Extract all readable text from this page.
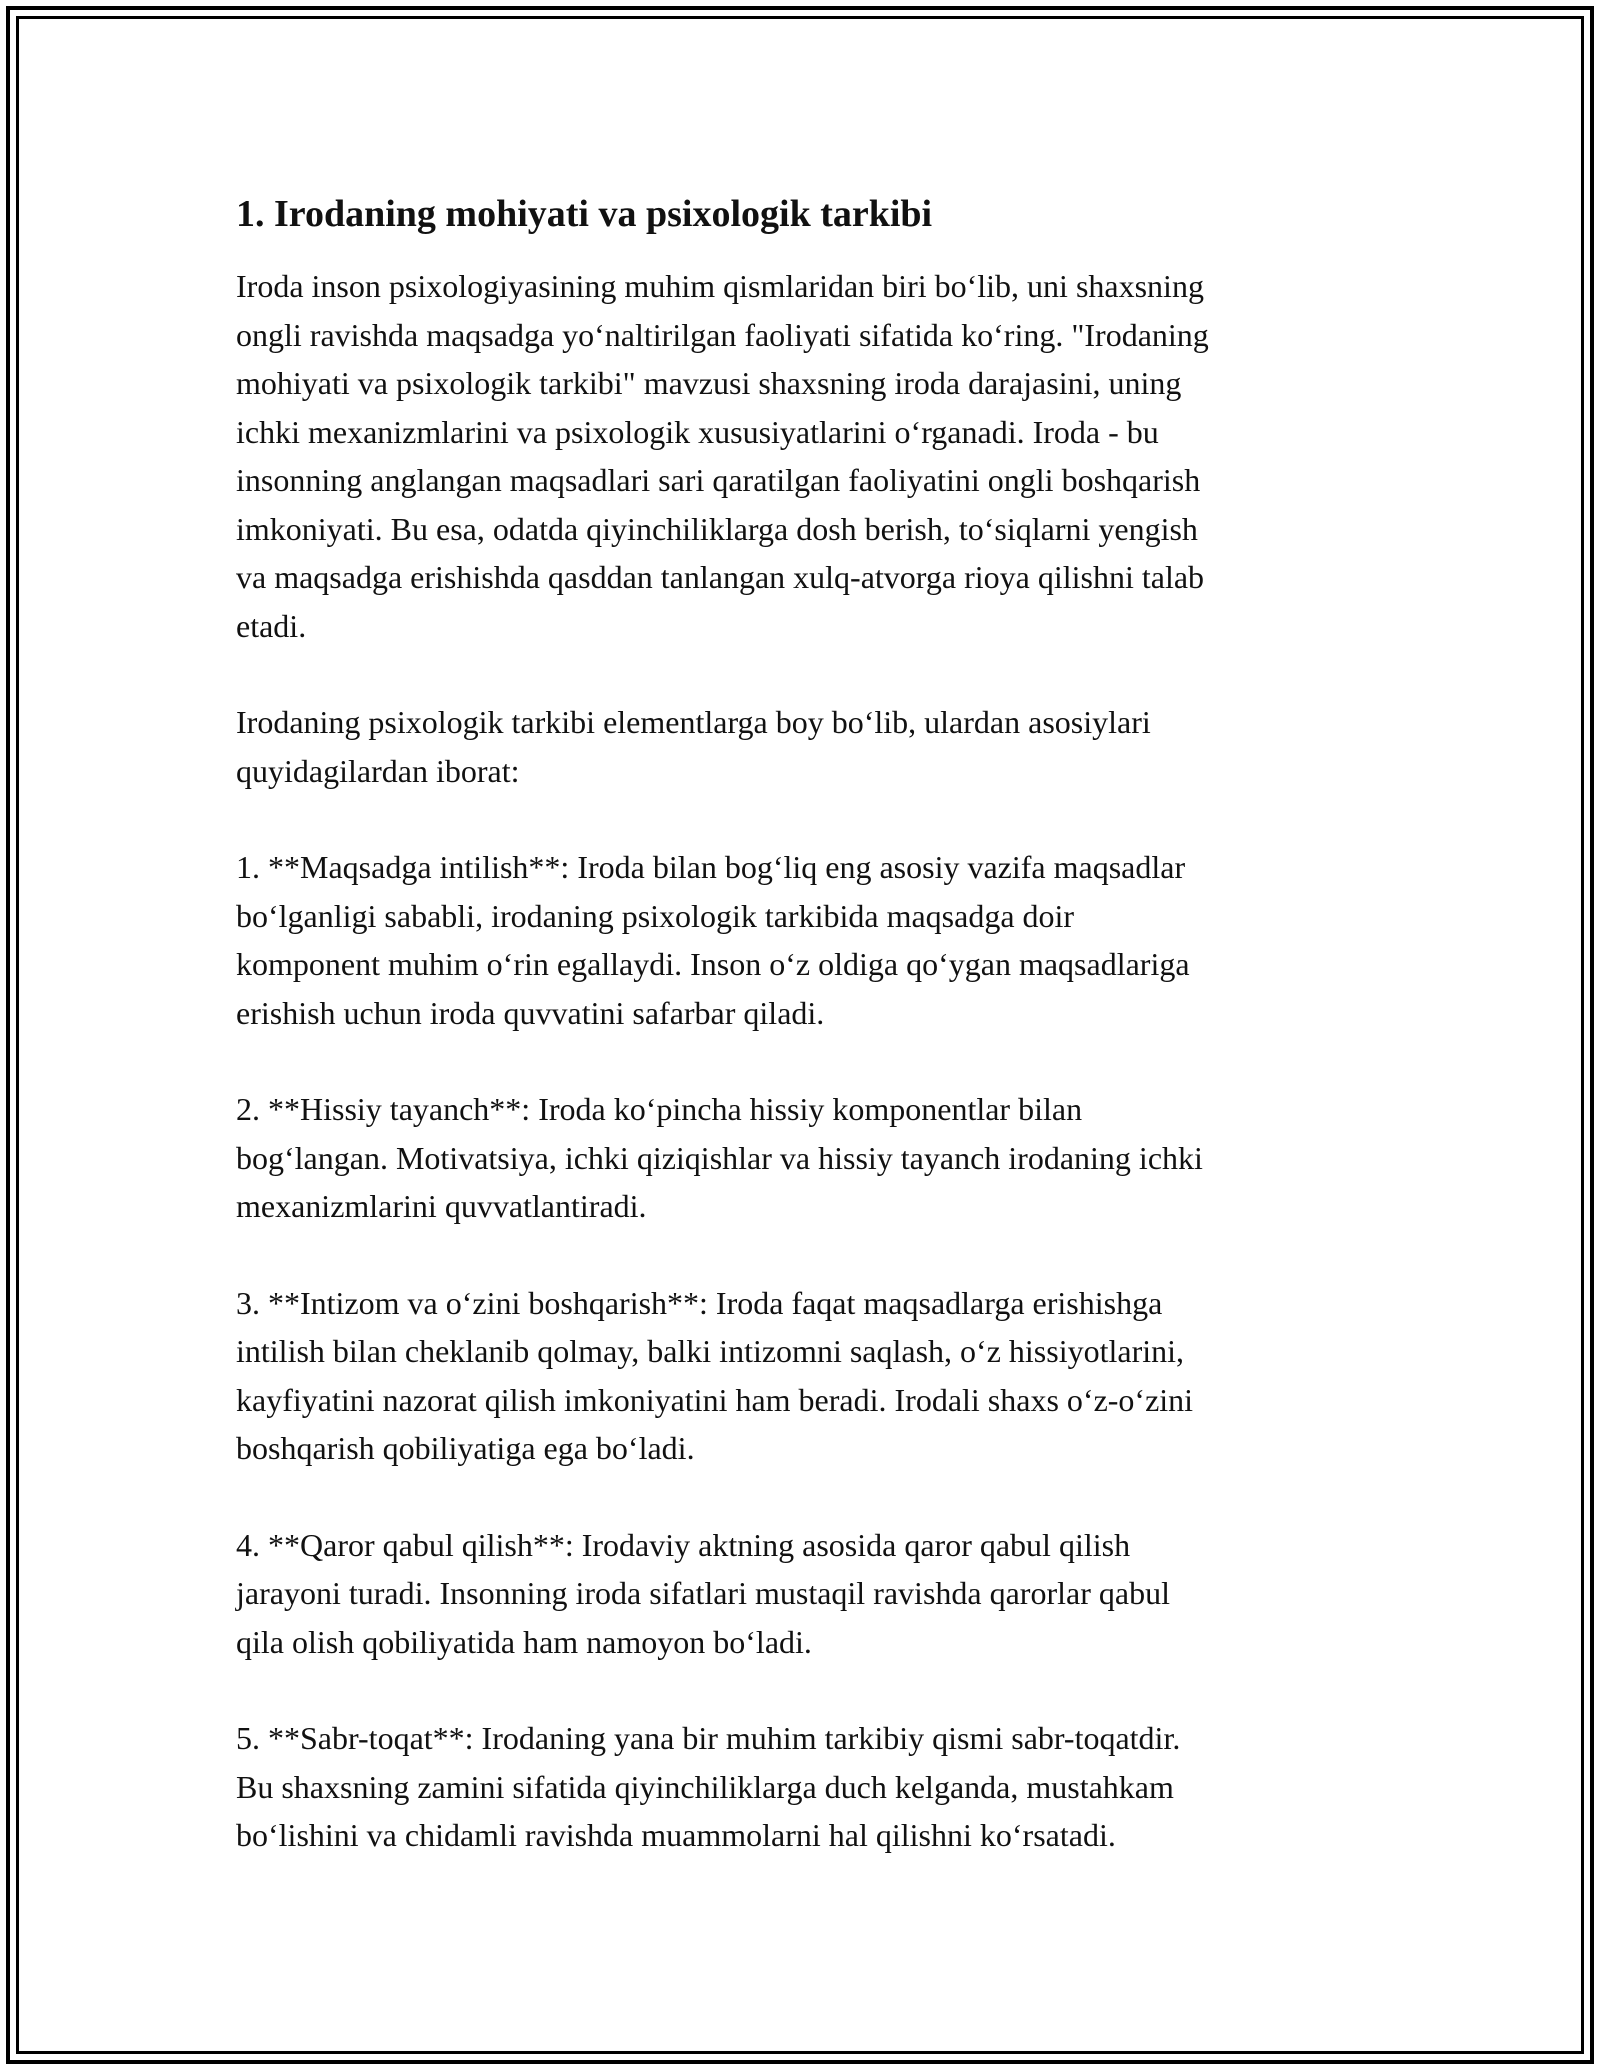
1. Irodaning mohiyati va psixologik tarkibi

Iroda inson psixologiyasining muhim qismlaridan biri bo‘lib, uni shaxsning
ongli ravishda maqsadga yo‘naltirilgan faoliyati sifatida ko‘ring. "Irodaning
mohiyati va psixologik tarkibi" mavzusi shaxsning iroda darajasini, uning
ichki mexanizmlarini va psixologik xususiyatlarini o‘rganadi. Iroda - bu
insonning anglangan maqsadlari sari qaratilgan faoliyatini ongli boshqarish
imkoniyati. Bu esa, odatda qiyinchiliklarga dosh berish, to‘siqlarni yengish
va maqsadga erishishda qasddan tanlangan xulq-atvorga rioya qilishni talab
etadi.

Irodaning psixologik tarkibi elementlarga boy bo‘lib, ulardan asosiylari
quyidagilardan iborat:

1. **Maqsadga intilish**: Iroda bilan bog‘liq eng asosiy vazifa maqsadlar
bo‘lganligi sababli, irodaning psixologik tarkibida maqsadga doir
komponent muhim o‘rin egallaydi. Inson o‘z oldiga qo‘ygan maqsadlariga
erishish uchun iroda quvvatini safarbar qiladi.

2. **Hissiy tayanch**: Iroda ko‘pincha hissiy komponentlar bilan
bog‘langan. Motivatsiya, ichki qiziqishlar va hissiy tayanch irodaning ichki
mexanizmlarini quvvatlantiradi.

3. **Intizom va o‘zini boshqarish**: Iroda faqat maqsadlarga erishishga
intilish bilan cheklanib qolmay, balki intizomni saqlash, o‘z hissiyotlarini,
kayfiyatini nazorat qilish imkoniyatini ham beradi. Irodali shaxs o‘z-o‘zini
boshqarish qobiliyatiga ega bo‘ladi.

4. **Qaror qabul qilish**: Irodaviy aktning asosida qaror qabul qilish
jarayoni turadi. Insonning iroda sifatlari mustaqil ravishda qarorlar qabul
qila olish qobiliyatida ham namoyon bo‘ladi.

5. **Sabr-toqat**: Irodaning yana bir muhim tarkibiy qismi sabr-toqatdir.
Bu shaxsning zamini sifatida qiyinchiliklarga duch kelganda, mustahkam
bo‘lishini va chidamli ravishda muammolarni hal qilishni ko‘rsatadi.
